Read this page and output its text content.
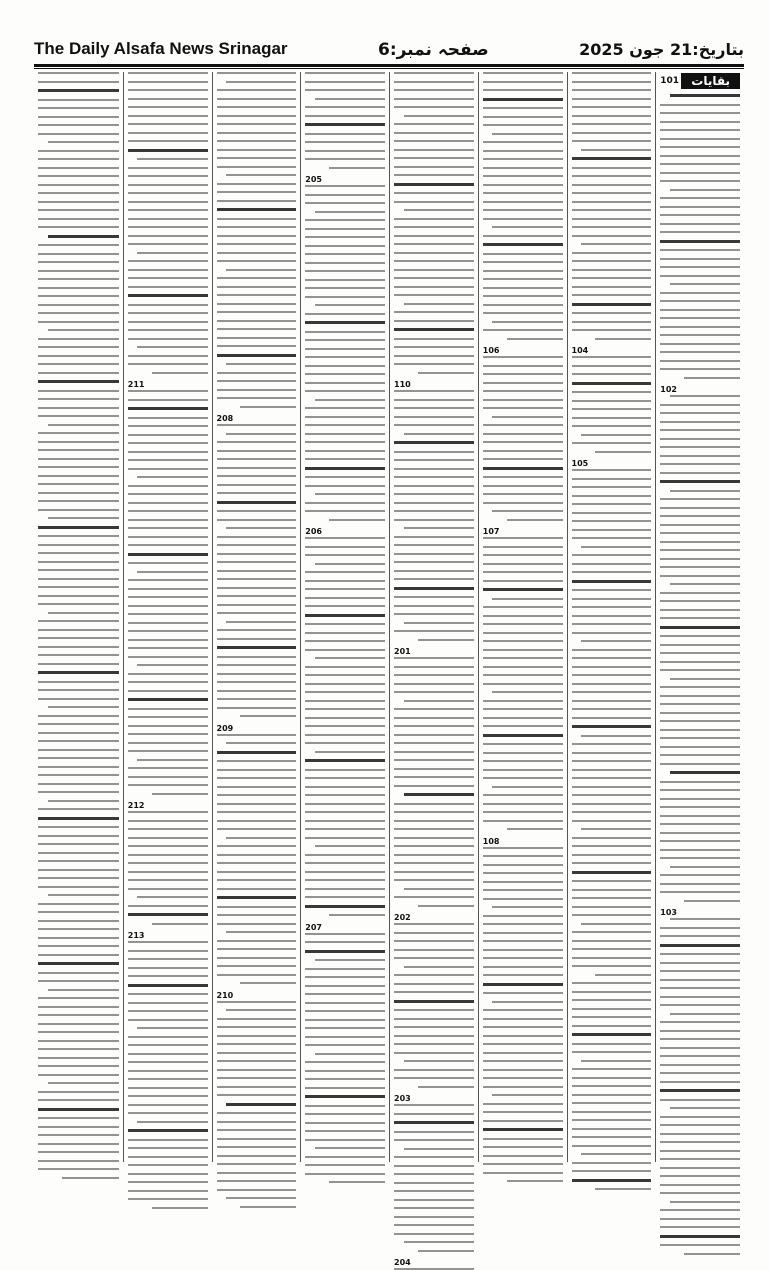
The Daily Alsafa News Srinagar	صفحہ نمبر:6	بتاریخ:21 جون 2025
101	بقایات
102
103
104
105
106
107
108
110
201
202
203
204
205
206
207
208
209
210
211
212
213
